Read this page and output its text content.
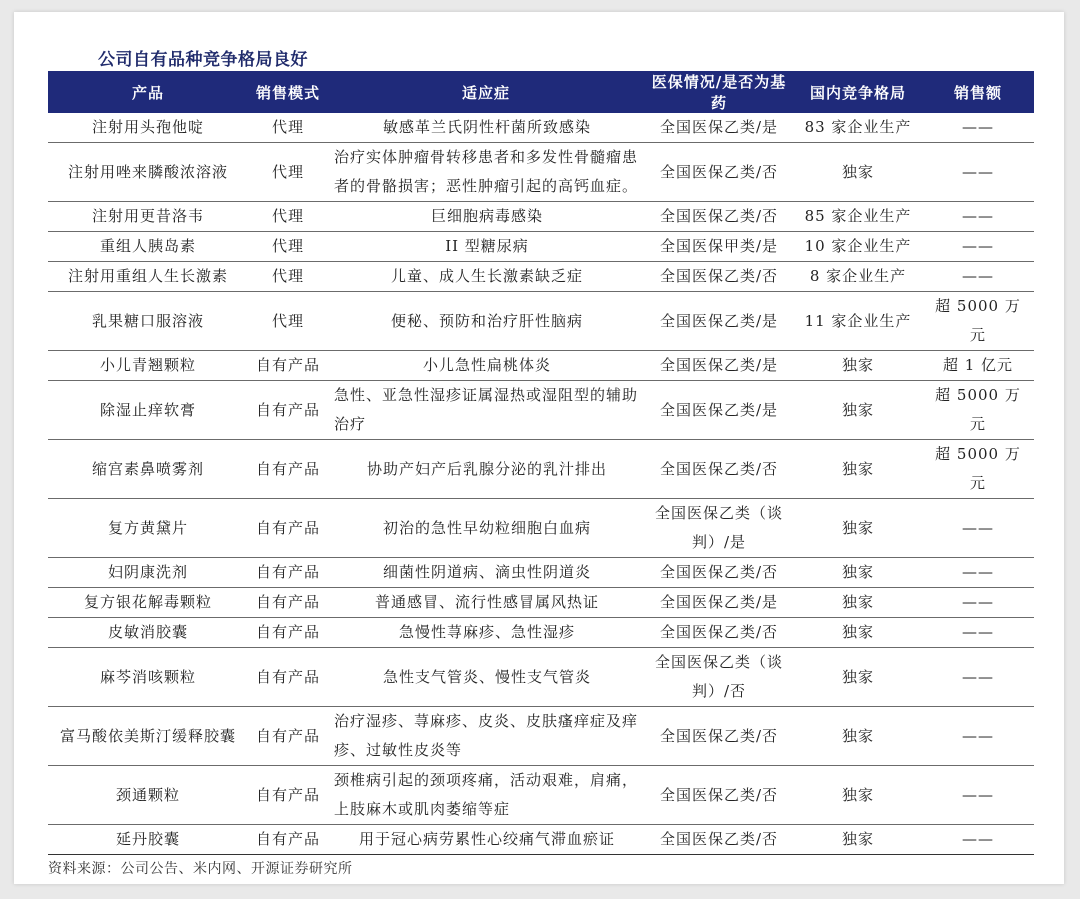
公司自有品种竞争格局良好
产品	销售模式	适应症	医保情况/是否为基药	国内竞争格局	销售额
注射用头孢他啶	代理	敏感革兰氏阴性杆菌所致感染	全国医保乙类/是	83 家企业生产	——
注射用唑来膦酸浓溶液	代理	治疗实体肿瘤骨转移患者和多发性骨髓瘤患者的骨骼损害；恶性肿瘤引起的高钙血症。	全国医保乙类/否	独家	——
注射用更昔洛韦	代理	巨细胞病毒感染	全国医保乙类/否	85 家企业生产	——
重组人胰岛素	代理	II 型糖尿病	全国医保甲类/是	10 家企业生产	——
注射用重组人生长激素	代理	儿童、成人生长激素缺乏症	全国医保乙类/否	8 家企业生产	——
乳果糖口服溶液	代理	便秘、预防和治疗肝性脑病	全国医保乙类/是	11 家企业生产	超 5000 万元
小儿青翘颗粒	自有产品	小儿急性扁桃体炎	全国医保乙类/是	独家	超 1 亿元
除湿止痒软膏	自有产品	急性、亚急性湿疹证属湿热或湿阻型的辅助治疗	全国医保乙类/是	独家	超 5000 万元
缩宫素鼻喷雾剂	自有产品	协助产妇产后乳腺分泌的乳汁排出	全国医保乙类/否	独家	超 5000 万元
复方黄黛片	自有产品	初治的急性早幼粒细胞白血病	全国医保乙类（谈判）/是	独家	——
妇阴康洗剂	自有产品	细菌性阴道病、滴虫性阴道炎	全国医保乙类/否	独家	——
复方银花解毒颗粒	自有产品	普通感冒、流行性感冒属风热证	全国医保乙类/是	独家	——
皮敏消胶囊	自有产品	急慢性荨麻疹、急性湿疹	全国医保乙类/否	独家	——
麻芩消咳颗粒	自有产品	急性支气管炎、慢性支气管炎	全国医保乙类（谈判）/否	独家	——
富马酸依美斯汀缓释胶囊	自有产品	治疗湿疹、荨麻疹、皮炎、皮肤瘙痒症及痒疹、过敏性皮炎等	全国医保乙类/否	独家	——
颈通颗粒	自有产品	颈椎病引起的颈项疼痛，活动艰难，肩痛，上肢麻木或肌肉萎缩等症	全国医保乙类/否	独家	——
延丹胶囊	自有产品	用于冠心病劳累性心绞痛气滞血瘀证	全国医保乙类/否	独家	——
资料来源：公司公告、米内网、开源证券研究所
